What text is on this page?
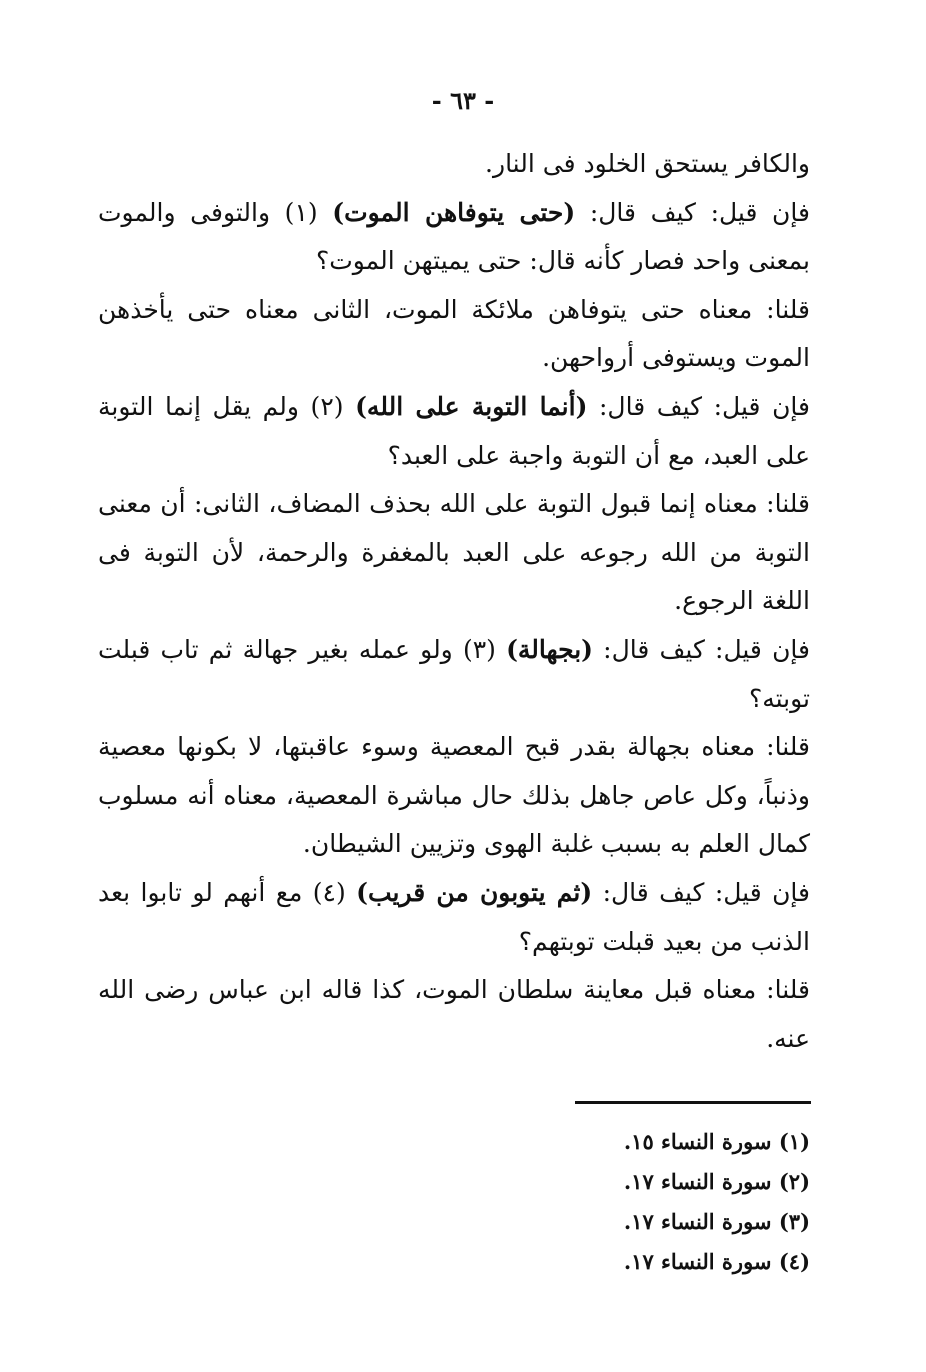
- ٦٣ -

والكافر يستحق الخلود فى النار.

فإن قيل: كيف قال: (حتى يتوفاهن الموت) (١) والتوفى والموت بمعنى واحد فصار كأنه قال: حتى يميتهن الموت؟

قلنا: معناه حتى يتوفاهن ملائكة الموت، الثانى معناه حتى يأخذهن الموت ويستوفى أرواحهن.

فإن قيل: كيف قال: (أنما التوبة على الله) (٢) ولم يقل إنما التوبة على العبد، مع أن التوبة واجبة على العبد؟

قلنا: معناه إنما قبول التوبة على الله بحذف المضاف، الثانى: أن معنى التوبة من الله رجوعه على العبد بالمغفرة والرحمة، لأن التوبة فى اللغة الرجوع.

فإن قيل: كيف قال: (بجهالة) (٣) ولو عمله بغير جهالة ثم تاب قبلت توبته؟

قلنا: معناه بجهالة بقدر قبح المعصية وسوء عاقبتها، لا بكونها معصية وذنباً، وكل عاص جاهل بذلك حال مباشرة المعصية، معناه أنه مسلوب كمال العلم به بسبب غلبة الهوى وتزيين الشيطان.

فإن قيل: كيف قال: (ثم يتوبون من قريب) (٤) مع أنهم لو تابوا بعد الذنب من بعيد قبلت توبتهم؟

قلنا: معناه قبل معاينة سلطان الموت، كذا قاله ابن عباس رضى الله عنه.

(١) سورة النساء ١٥.
(٢) سورة النساء ١٧.
(٣) سورة النساء ١٧.
(٤) سورة النساء ١٧.
